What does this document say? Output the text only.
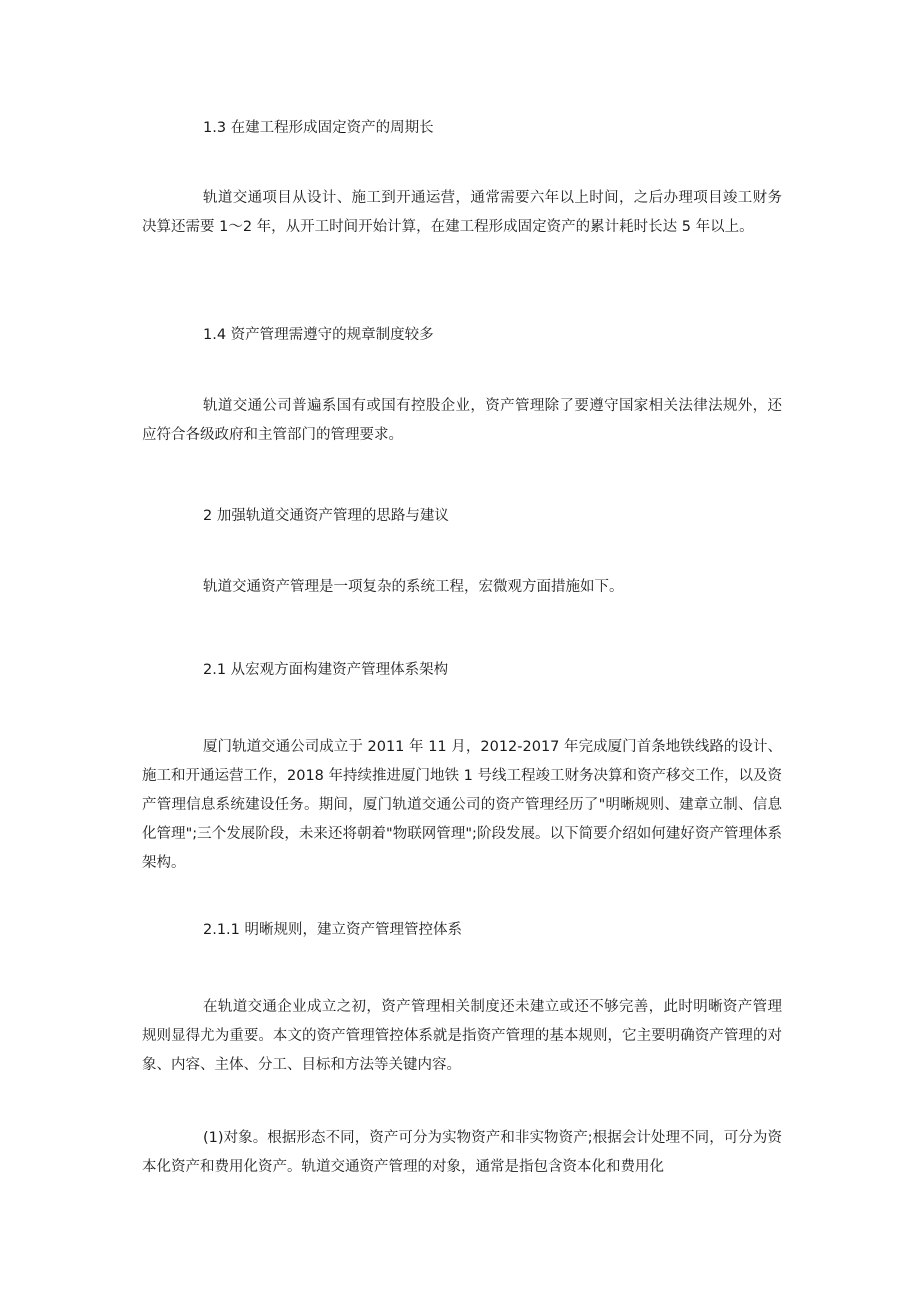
1.3 在建工程形成固定资产的周期长

轨道交通项目从设计、施工到开通运营，通常需要六年以上时间，之后办理项目竣工财务决算还需要 1～2 年，从开工时间开始计算，在建工程形成固定资产的累计耗时长达 5 年以上。

1.4 资产管理需遵守的规章制度较多

轨道交通公司普遍系国有或国有控股企业，资产管理除了要遵守国家相关法律法规外，还应符合各级政府和主管部门的管理要求。

2 加强轨道交通资产管理的思路与建议

轨道交通资产管理是一项复杂的系统工程，宏微观方面措施如下。

2.1 从宏观方面构建资产管理体系架构

厦门轨道交通公司成立于 2011 年 11 月，2012-2017 年完成厦门首条地铁线路的设计、施工和开通运营工作，2018 年持续推进厦门地铁 1 号线工程竣工财务决算和资产移交工作，以及资产管理信息系统建设任务。期间，厦门轨道交通公司的资产管理经历了"明晰规则、建章立制、信息化管理";三个发展阶段，未来还将朝着"物联网管理";阶段发展。以下简要介绍如何建好资产管理体系架构。

2.1.1 明晰规则，建立资产管理管控体系

在轨道交通企业成立之初，资产管理相关制度还未建立或还不够完善，此时明晰资产管理规则显得尤为重要。本文的资产管理管控体系就是指资产管理的基本规则，它主要明确资产管理的对象、内容、主体、分工、目标和方法等关键内容。

(1)对象。根据形态不同，资产可分为实物资产和非实物资产;根据会计处理不同，可分为资本化资产和费用化资产。轨道交通资产管理的对象，通常是指包含资本化和费用化
